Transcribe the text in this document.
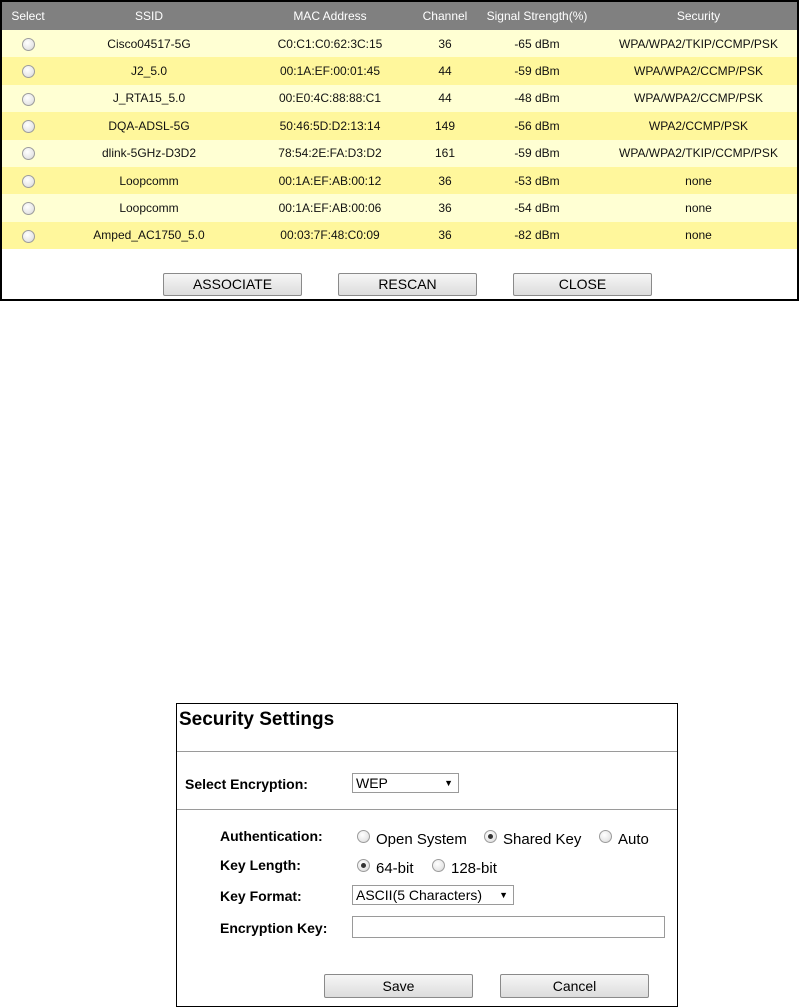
Select	SSID	MAC Address	Channel	Signal Strength(%)	Security
	Cisco04517-5G	C0:C1:C0:62:3C:15	36	-65 dBm	WPA/WPA2/TKIP/CCMP/PSK
	J2_5.0	00:1A:EF:00:01:45	44	-59 dBm	WPA/WPA2/CCMP/PSK
	J_RTA15_5.0	00:E0:4C:88:88:C1	44	-48 dBm	WPA/WPA2/CCMP/PSK
	DQA-ADSL-5G	50:46:5D:D2:13:14	149	-56 dBm	WPA2/CCMP/PSK
	dlink-5GHz-D3D2	78:54:2E:FA:D3:D2	161	-59 dBm	WPA/WPA2/TKIP/CCMP/PSK
	Loopcomm	00:1A:EF:AB:00:12	36	-53 dBm	none
	Loopcomm	00:1A:EF:AB:00:06	36	-54 dBm	none
	Amped_AC1750_5.0	00:03:7F:48:C0:09	36	-82 dBm	none
ASSOCIATE	RESCAN	CLOSE
Security Settings
Select Encryption:	WEP	▼
Authentication:	Open System Shared Key Auto
Key Length:	64-bit 128-bit
Key Format:	ASCII(5 Characters) ▼
Encryption Key:
Save	Cancel
